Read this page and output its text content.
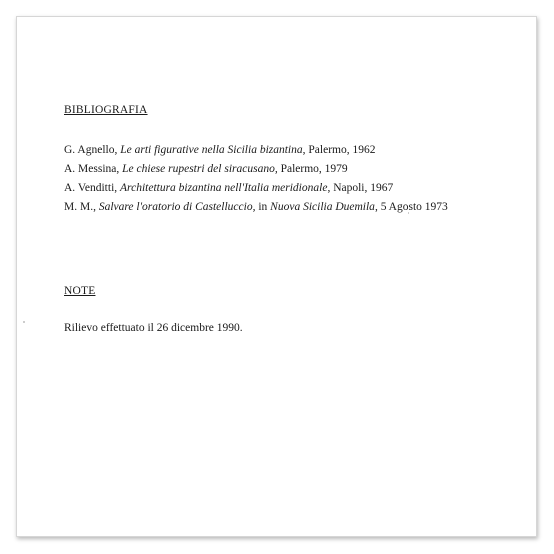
BIBLIOGRAFIA

G. Agnello, Le arti figurative nella Sicilia bizantina, Palermo, 1962
A. Messina, Le chiese rupestri del siracusano, Palermo, 1979
A. Venditti, Architettura bizantina nell'Italia meridionale, Napoli, 1967
M. M., Salvare l'oratorio di Castelluccio, in Nuova Sicilia Duemila, 5 Agosto 1973

NOTE

Rilievo effettuato il 26 dicembre 1990.
